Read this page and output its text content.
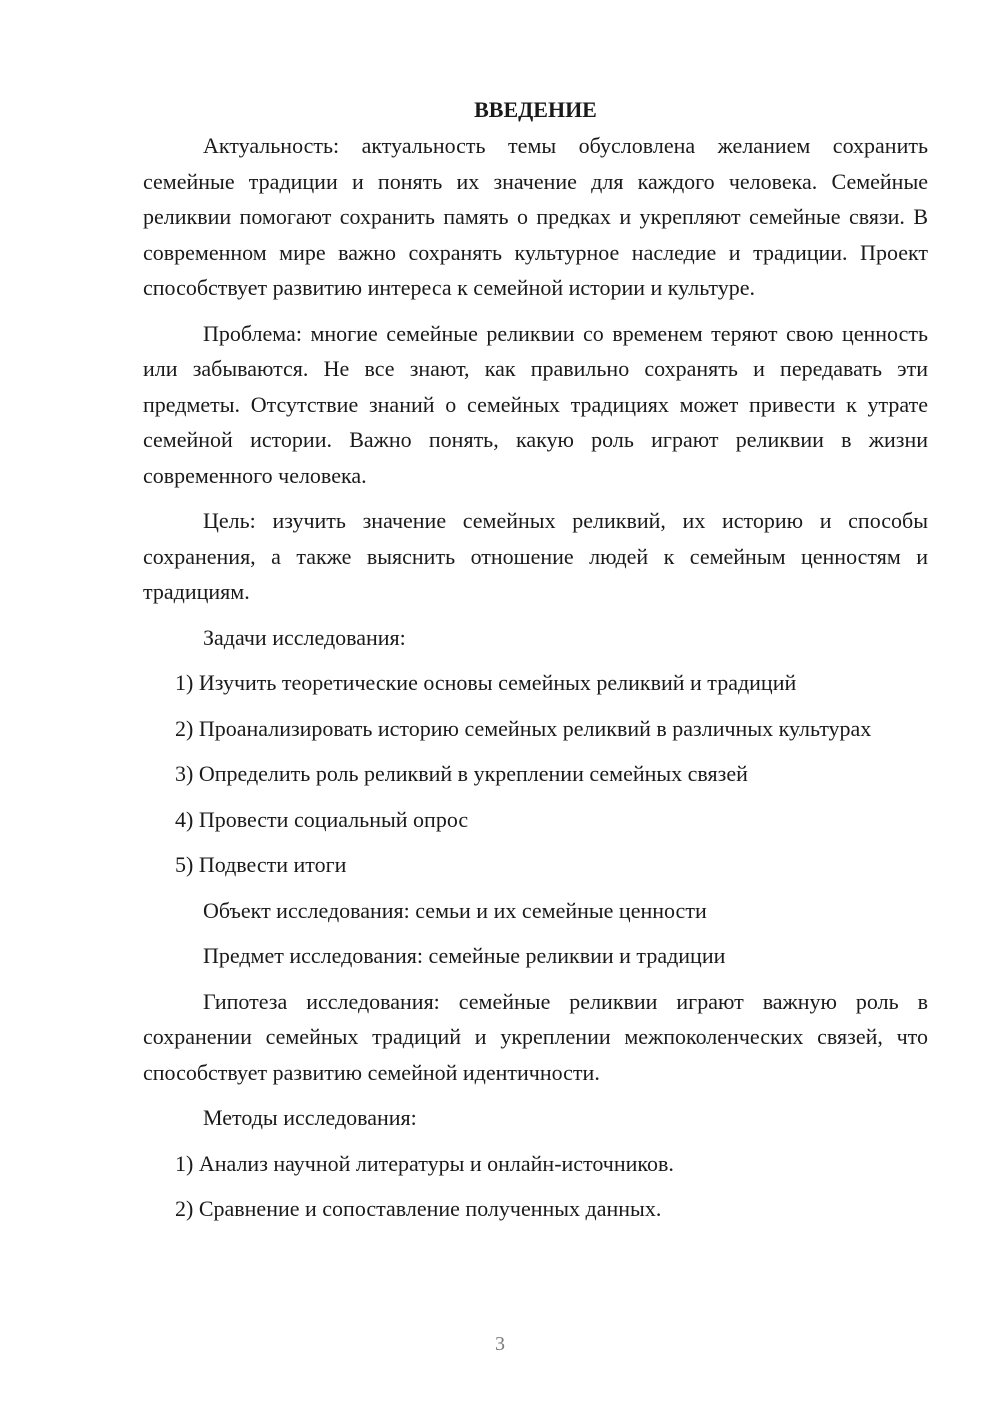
ВВЕДЕНИЕ

Актуальность: актуальность темы обусловлена желанием сохранить семейные традиции и понять их значение для каждого человека. Семейные реликвии помогают сохранить память о предках и укрепляют семейные связи. В современном мире важно сохранять культурное наследие и традиции. Проект способствует развитию интереса к семейной истории и культуре.

Проблема: многие семейные реликвии со временем теряют свою ценность или забываются. Не все знают, как правильно сохранять и передавать эти предметы. Отсутствие знаний о семейных традициях может привести к утрате семейной истории. Важно понять, какую роль играют реликвии в жизни современного человека.

Цель: изучить значение семейных реликвий, их историю и способы сохранения, а также выяснить отношение людей к семейным ценностям и традициям.

Задачи исследования:

1) Изучить теоретические основы семейных реликвий и традиций

2) Проанализировать историю семейных реликвий в различных культурах

3) Определить роль реликвий в укреплении семейных связей

4) Провести социальный опрос

5) Подвести итоги

Объект исследования: семьи и их семейные ценности

Предмет исследования: семейные реликвии и традиции

Гипотеза исследования: семейные реликвии играют важную роль в сохранении семейных традиций и укреплении межпоколенческих связей, что способствует развитию семейной идентичности.

Методы исследования:

1) Анализ научной литературы и онлайн-источников.

2) Сравнение и сопоставление полученных данных.

3
